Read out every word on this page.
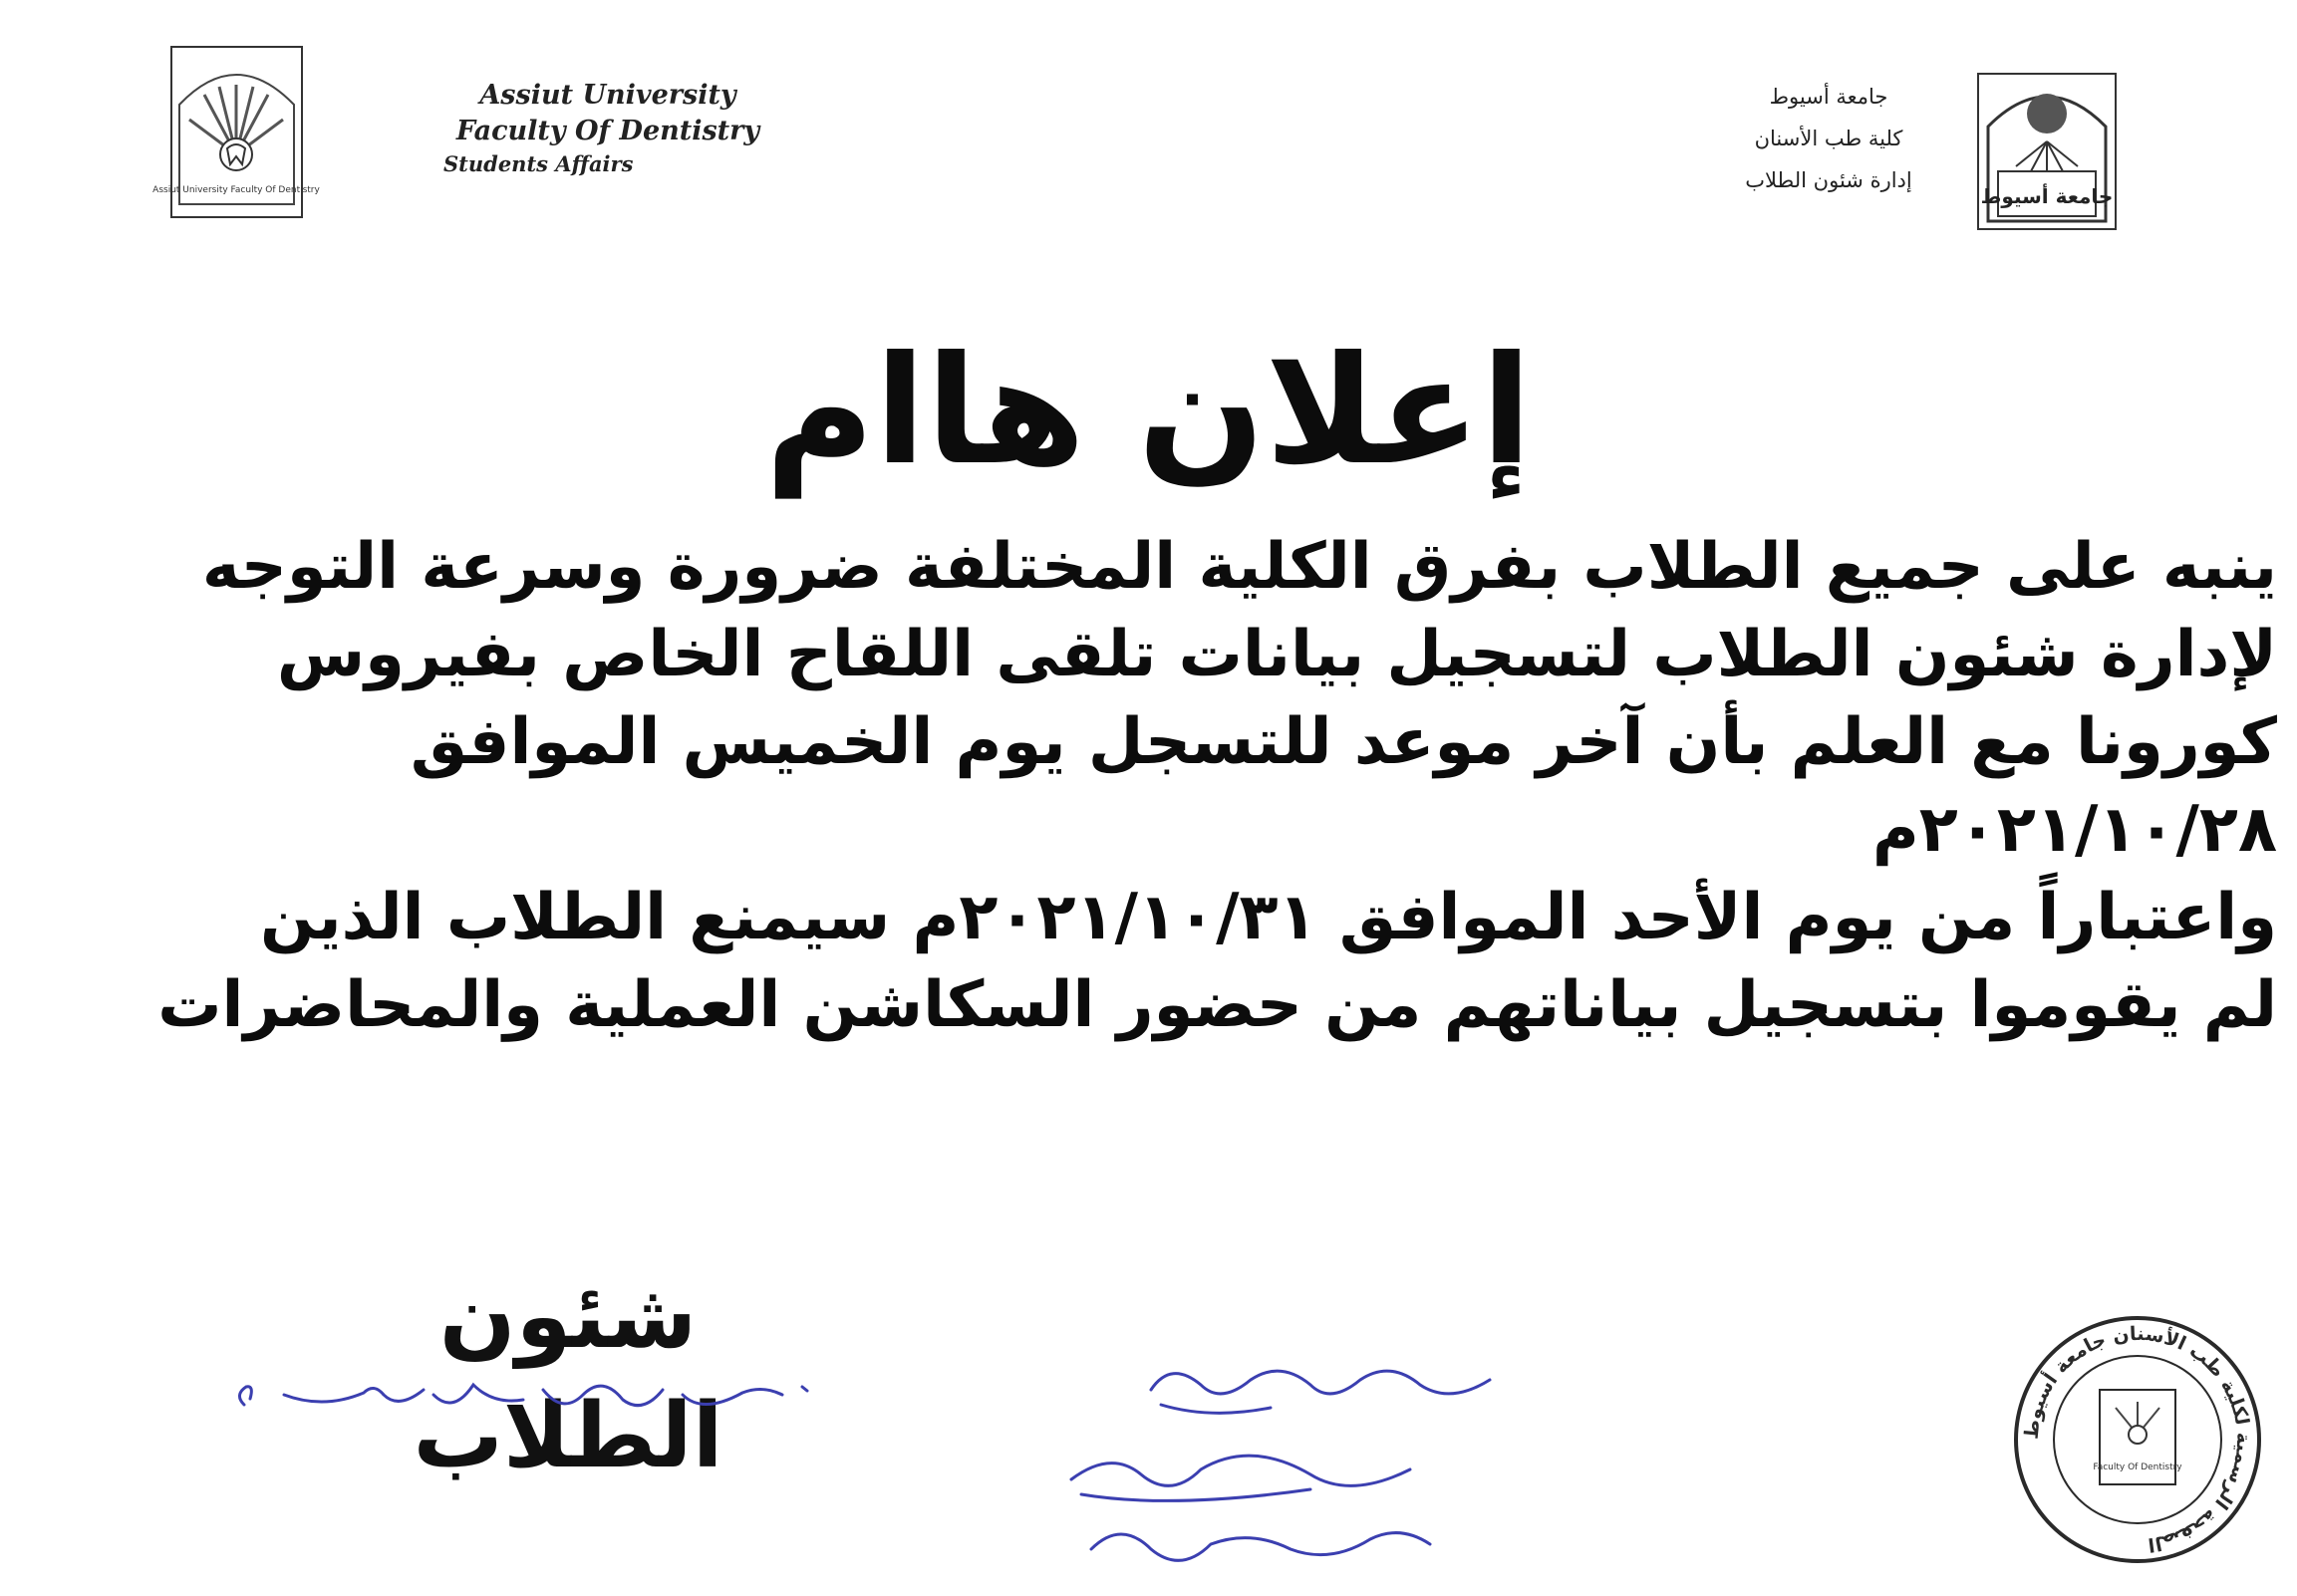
Assiut University Faculty Of Dentistry
Assiut University
Faculty Of Dentistry
Students Affairs
جامعة أسيوط
كلية طب الأسنان
إدارة شئون الطلاب
جامعة أسيوط
إعلان هاام

ينبه على جميع الطلاب بفرق الكلية المختلفة ضرورة وسرعة التوجه

لإدارة شئون الطلاب لتسجيل بيانات تلقى اللقاح الخاص بفيروس

كورونا مع العلم بأن آخر موعد للتسجل يوم الخميس الموافق

٢٠٢١/١٠/٢٨م

واعتباراً من يوم الأحد الموافق ٢٠٢١/١٠/٣١م سيمنع الطلاب الذين

لم يقوموا بتسجيل بياناتهم من حضور السكاشن العملية والمحاضرات

شئون الطلاب	الصفحة الرسمية لكلية طب الأسنان جامعة أسيوط
Faculty Of Dentistry
